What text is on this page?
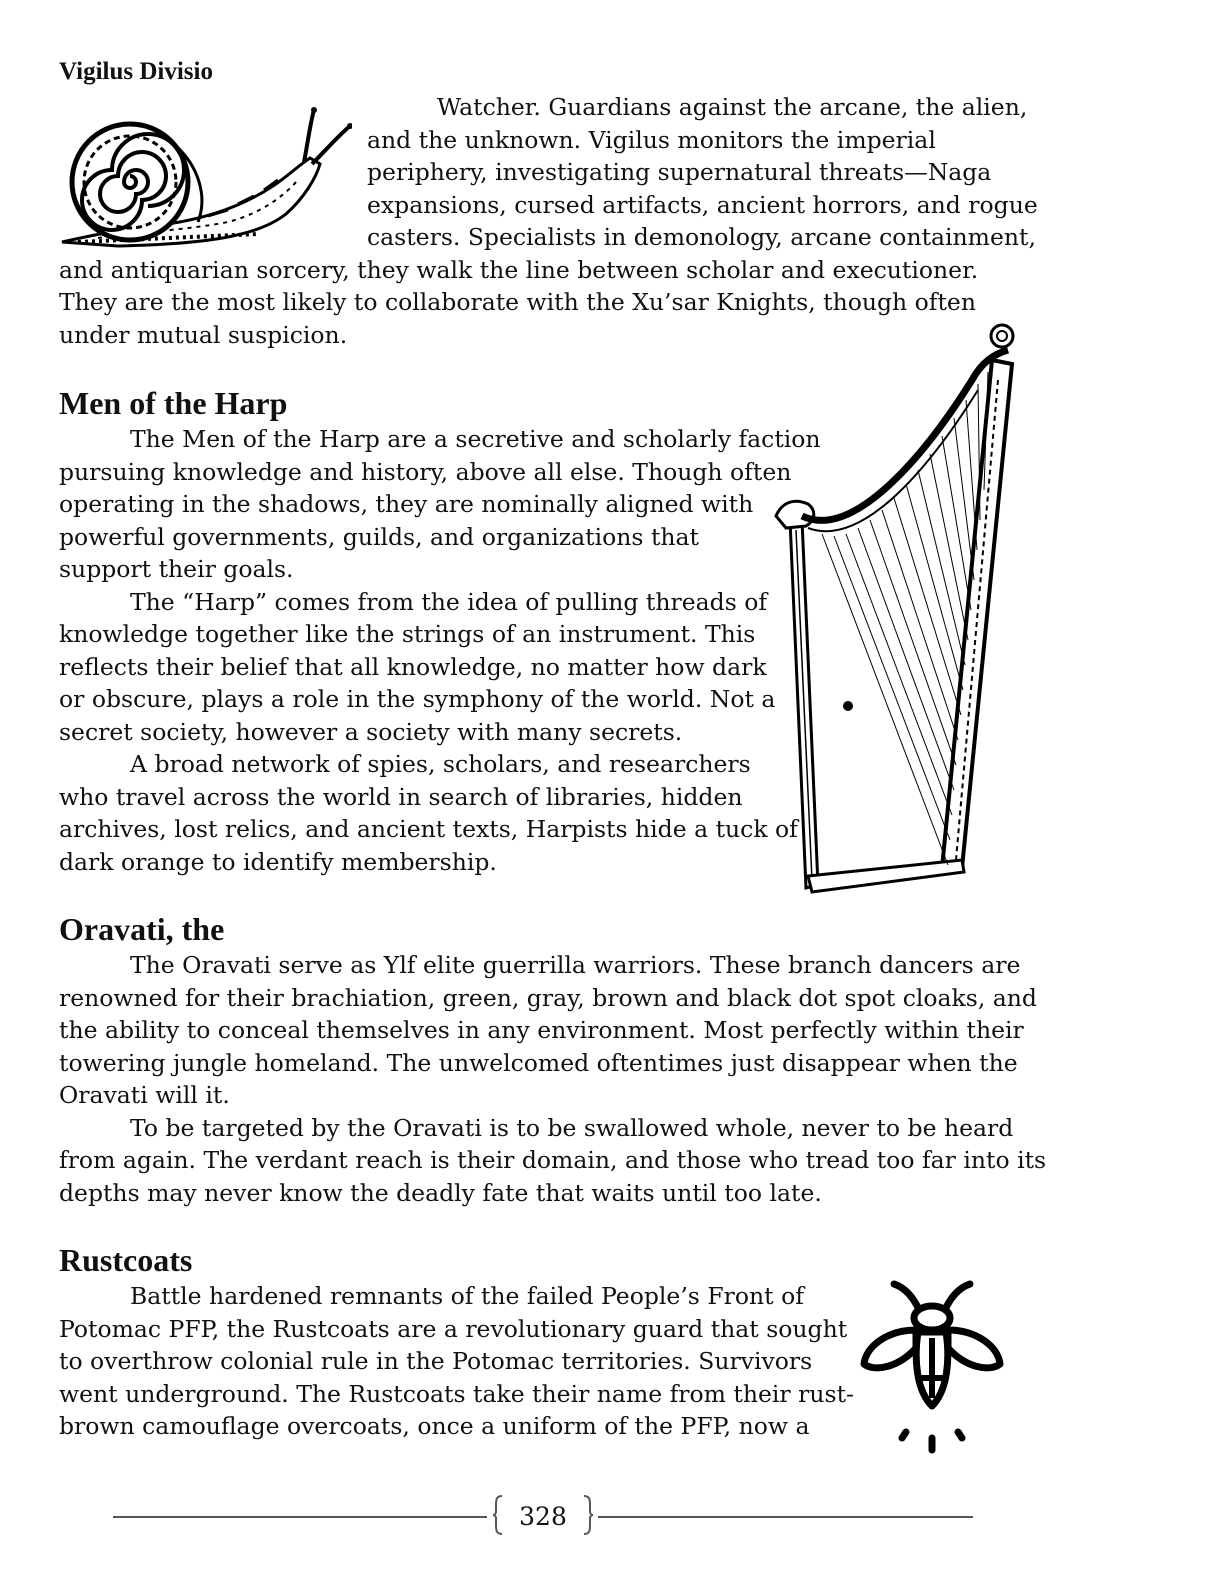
Vigilus Divisio
Watcher. Guardians against the arcane, the alien,
and the unknown. Vigilus monitors the imperial
periphery, investigating supernatural threats—Naga
expansions, cursed artifacts, ancient horrors, and rogue
casters. Specialists in demonology, arcane containment,
and antiquarian sorcery, they walk the line between scholar and executioner.
They are the most likely to collaborate with the Xu’sar Knights, though often
under mutual suspicion.
Men of the Harp
The Men of the Harp are a secretive and scholarly faction
pursuing knowledge and history, above all else. Though often
operating in the shadows, they are nominally aligned with
powerful governments, guilds, and organizations that
support their goals.
The “Harp” comes from the idea of pulling threads of
knowledge together like the strings of an instrument. This
reflects their belief that all knowledge, no matter how dark
or obscure, plays a role in the symphony of the world. Not a
secret society, however a society with many secrets.
A broad network of spies, scholars, and researchers
who travel across the world in search of libraries, hidden
archives, lost relics, and ancient texts, Harpists hide a tuck of
dark orange to identify membership.
Oravati, the
The Oravati serve as Ylf elite guerrilla warriors. These branch dancers are
renowned for their brachiation, green, gray, brown and black dot spot cloaks, and
the ability to conceal themselves in any environment. Most perfectly within their
towering jungle homeland. The unwelcomed oftentimes just disappear when the
Oravati will it.
To be targeted by the Oravati is to be swallowed whole, never to be heard
from again. The verdant reach is their domain, and those who tread too far into its
depths may never know the deadly fate that waits until too late.
Rustcoats
Battle hardened remnants of the failed People’s Front of
Potomac PFP, the Rustcoats are a revolutionary guard that sought
to overthrow colonial rule in the Potomac territories. Survivors
went underground. The Rustcoats take their name from their rust-
brown camouflage overcoats, once a uniform of the PFP, now a
328
